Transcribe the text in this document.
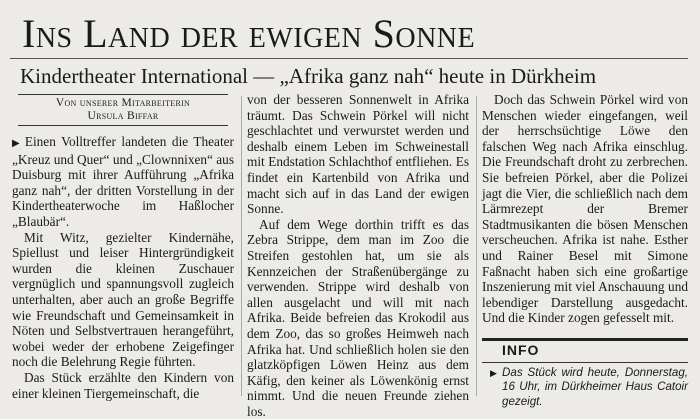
Ins Land der ewigen Sonne
Kindertheater International — „Afrika ganz nah“ heute in Dürkheim
Von unserer Mitarbeiterin
Ursula Biffar

▶ Einen Volltreffer landeten die Theater „Kreuz und Quer“ und „Clownnixen“ aus Duisburg mit ihrer Aufführung „Afrika ganz nah“, der dritten Vorstellung in der Kindertheaterwoche im Haßlocher „Blaubär“.

Mit Witz, gezielter Kindernähe, Spiellust und leiser Hintergründigkeit wurden die kleinen Zuschauer vergnüglich und spannungsvoll zugleich unterhalten, aber auch an große Begriffe wie Freundschaft und Gemeinsamkeit in Nöten und Selbstvertrauen herangeführt, wobei weder der erhobene Zeigefinger noch die Belehrung Regie führten.

Das Stück erzählte den Kindern von einer kleinen Tiergemeinschaft, die

von der besseren Sonnenwelt in Afrika träumt. Das Schwein Pörkel will nicht geschlachtet und verwurstet werden und deshalb einem Leben im Schweinestall mit Endstation Schlachthof entfliehen. Es findet ein Kartenbild von Afrika und macht sich auf in das Land der ewigen Sonne.

Auf dem Wege dorthin trifft es das Zebra Strippe, dem man im Zoo die Streifen gestohlen hat, um sie als Kennzeichen der Straßenübergänge zu verwenden. Strippe wird deshalb von allen ausgelacht und will mit nach Afrika. Beide befreien das Krokodil aus dem Zoo, das so großes Heimweh nach Afrika hat. Und schließlich holen sie den glatzköpfigen Löwen Heinz aus dem Käfig, den keiner als Löwenkönig ernst nimmt. Und die neuen Freunde ziehen los.

Doch das Schwein Pörkel wird von Menschen wieder eingefangen, weil der herrschsüchtige Löwe den falschen Weg nach Afrika einschlug. Die Freundschaft droht zu zerbrechen. Sie befreien Pörkel, aber die Polizei jagt die Vier, die schließlich nach dem Lärmrezept der Bremer Stadtmusikanten die bösen Menschen verscheuchen. Afrika ist nahe. Esther und Rainer Besel mit Simone Faßnacht haben sich eine großartige Inszenierung mit viel Anschauung und lebendiger Darstellung ausgedacht. Und die Kinder zogen gefesselt mit.

INFO
▶ Das Stück wird heute, Donnerstag, 16 Uhr, im Dürkheimer Haus Catoir gezeigt.
